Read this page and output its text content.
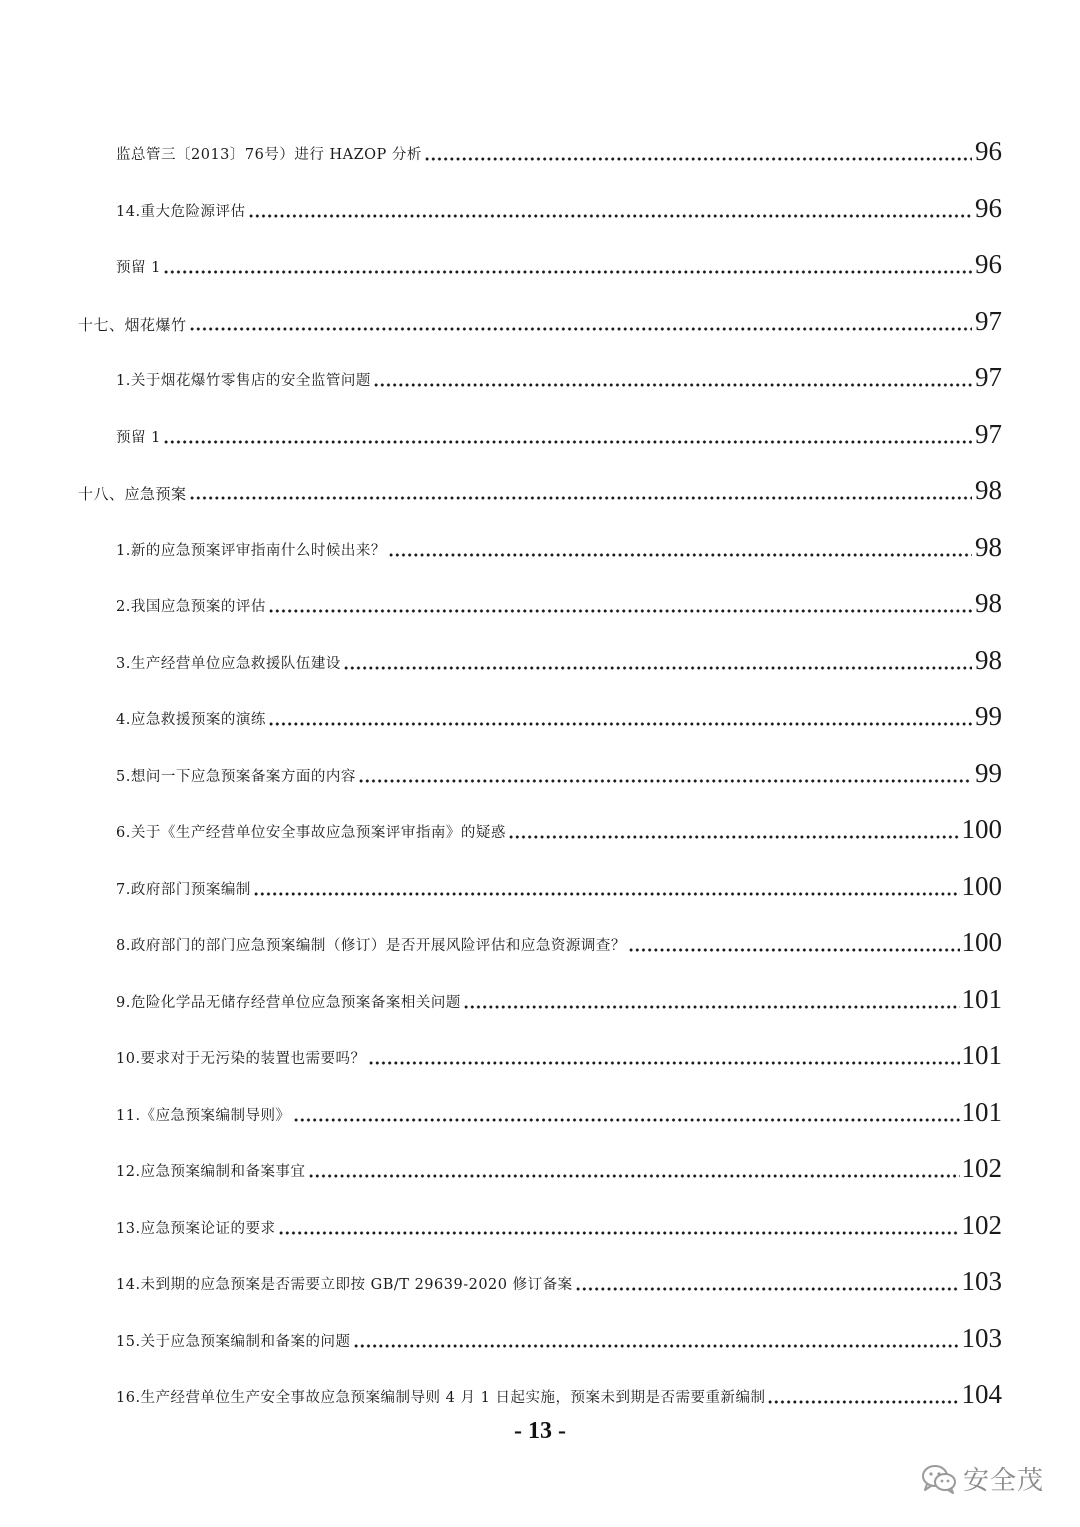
监总管三〔2013〕76号）进行 HAZOP 分析	96
14.重大危险源评估	96
预留 1	96
十七、烟花爆竹	97
1.关于烟花爆竹零售店的安全监管问题	97
预留 1	97
十八、应急预案	98
1.新的应急预案评审指南什么时候出来？	98
2.我国应急预案的评估	98
3.生产经营单位应急救援队伍建设	98
4.应急救援预案的演练	99
5.想问一下应急预案备案方面的内容	99
6.关于《生产经营单位安全事故应急预案评审指南》的疑惑	100
7.政府部门预案编制	100
8.政府部门的部门应急预案编制（修订）是否开展风险评估和应急资源调查？	100
9.危险化学品无储存经营单位应急预案备案相关问题	101
10.要求对于无污染的装置也需要吗？	101
11.《应急预案编制导则》	101
12.应急预案编制和备案事宜	102
13.应急预案论证的要求	102
14.未到期的应急预案是否需要立即按 GB/T 29639-2020 修订备案	103
15.关于应急预案编制和备案的问题	103
16.生产经营单位生产安全事故应急预案编制导则 4 月 1 日起实施，预案未到期是否需要重新编制	104
- 13 -
安全茂
